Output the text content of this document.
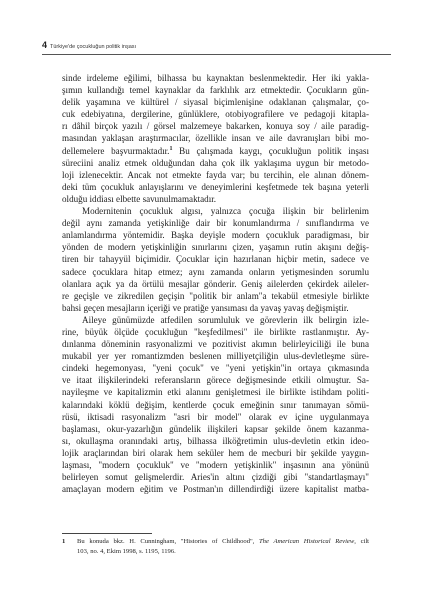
4 Türkiye'de çocukluğun politik inşası
sinde irdeleme eğilimi, bilhassa bu kaynaktan beslenmektedir. Her iki yakla-
şımın kullandığı temel kaynaklar da farklılık arz etmektedir. Çocukların gün-
delik yaşamına ve kültürel / siyasal biçimlenişine odaklanan çalışmalar, ço-
cuk edebiyatına, dergilerine, günlüklere, otobiyografilere ve pedagoji kitapla-
rı dâhil birçok yazılı / görsel malzemeye bakarken, konuya soy / aile paradig-
masından yaklaşan araştırmacılar, özellikle insan ve aile davranışları bibi mo-
dellemelere başvurmaktadır.$^1$ Bu çalışmada kaygı, çocukluğun politik inşası
süreciini analiz etmek olduğundan daha çok ilk yaklaşıma uygun bir metodo-
loji izlenecektir. Ancak not etmekte fayda var; bu tercihin, ele alınan dönem-
deki tüm çocukluk anlayışlarını ve deneyimlerini keşfetmede tek başına yeterli
olduğu iddiası elbette savunulmamaktadır.
Modernitenin çocukluk algısı, yalnızca çocuğa ilişkin bir belirlenim
değil aynı zamanda yetişkinliğe dair bir konumlandırma / sınıflandırma ve
anlamlandırma yöntemidir. Başka deyişle modern çocukluk paradigması, bir
yönden de modern yetişkinliğin sınırlarını çizen, yaşamın rutin akışını değiş-
tiren bir tahayyül biçimidir. Çocuklar için hazırlanan hiçbir metin, sadece ve
sadece çocuklara hitap etmez; aynı zamanda onların yetişmesinden sorumlu
olanlara açık ya da örtülü mesajlar gönderir. Geniş ailelerden çekirdek aileler-
re geçişle ve zikredilen geçişin "politik bir anlam"a tekabül etmesiyle birlikte
bahsi geçen mesajların içeriği ve pratiğe yansıması da yavaş yavaş değişmiştir.
Aileye günümüzde atfedilen sorumluluk ve görevlerin ilk belirgin izle-
rine, büyük ölçüde çocukluğun "keşfedilmesi" ile birlikte rastlanmıştır. Ay-
dınlanma döneminin rasyonalizmi ve pozitivist akımın belirleyiciliği ile buna
mukabil yer yer romantizmden beslenen milliyetçiliğin ulus-devletleşme süre-
cindeki hegemonyası, "yeni çocuk" ve "yeni yetişkin"in ortaya çıkmasında
ve itaat ilişkilerindeki referansların görece değişmesinde etkili olmuştur. Sa-
nayileşme ve kapitalizmin etki alanını genişletmesi ile birlikte istihdam politi-
kalarındaki köklü değişim, kentlerde çocuk emeğinin sınır tanımayan sömü-
rüsü, iktisadi rasyonalizm "asri bir model" olarak ev içine uygulanmaya
başlaması, okur-yazarlığın gündelik ilişkileri kapsar şekilde önem kazanma-
sı, okullaşma oranındaki artış, bilhassa ilköğretimin ulus-devletin etkin ideo-
lojik araçlarından biri olarak hem seküler hem de mecburi bir şekilde yaygın-
laşması, "modern çocukluk" ve "modern yetişkinlik" inşasının ana yönünü
belirleyen somut gelişmelerdir. Aries'in altını çizdiği gibi "standartlaşmayı"
amaçlayan modern eğitim ve Postman'ın dillendirdiği üzere kapitalist matba-
1 Bu konuda bkz. H. Cunningham, "Histories of Childhood", The American Historical Review, cilt
103, no. 4, Ekim 1998, s. 1195, 1196.
